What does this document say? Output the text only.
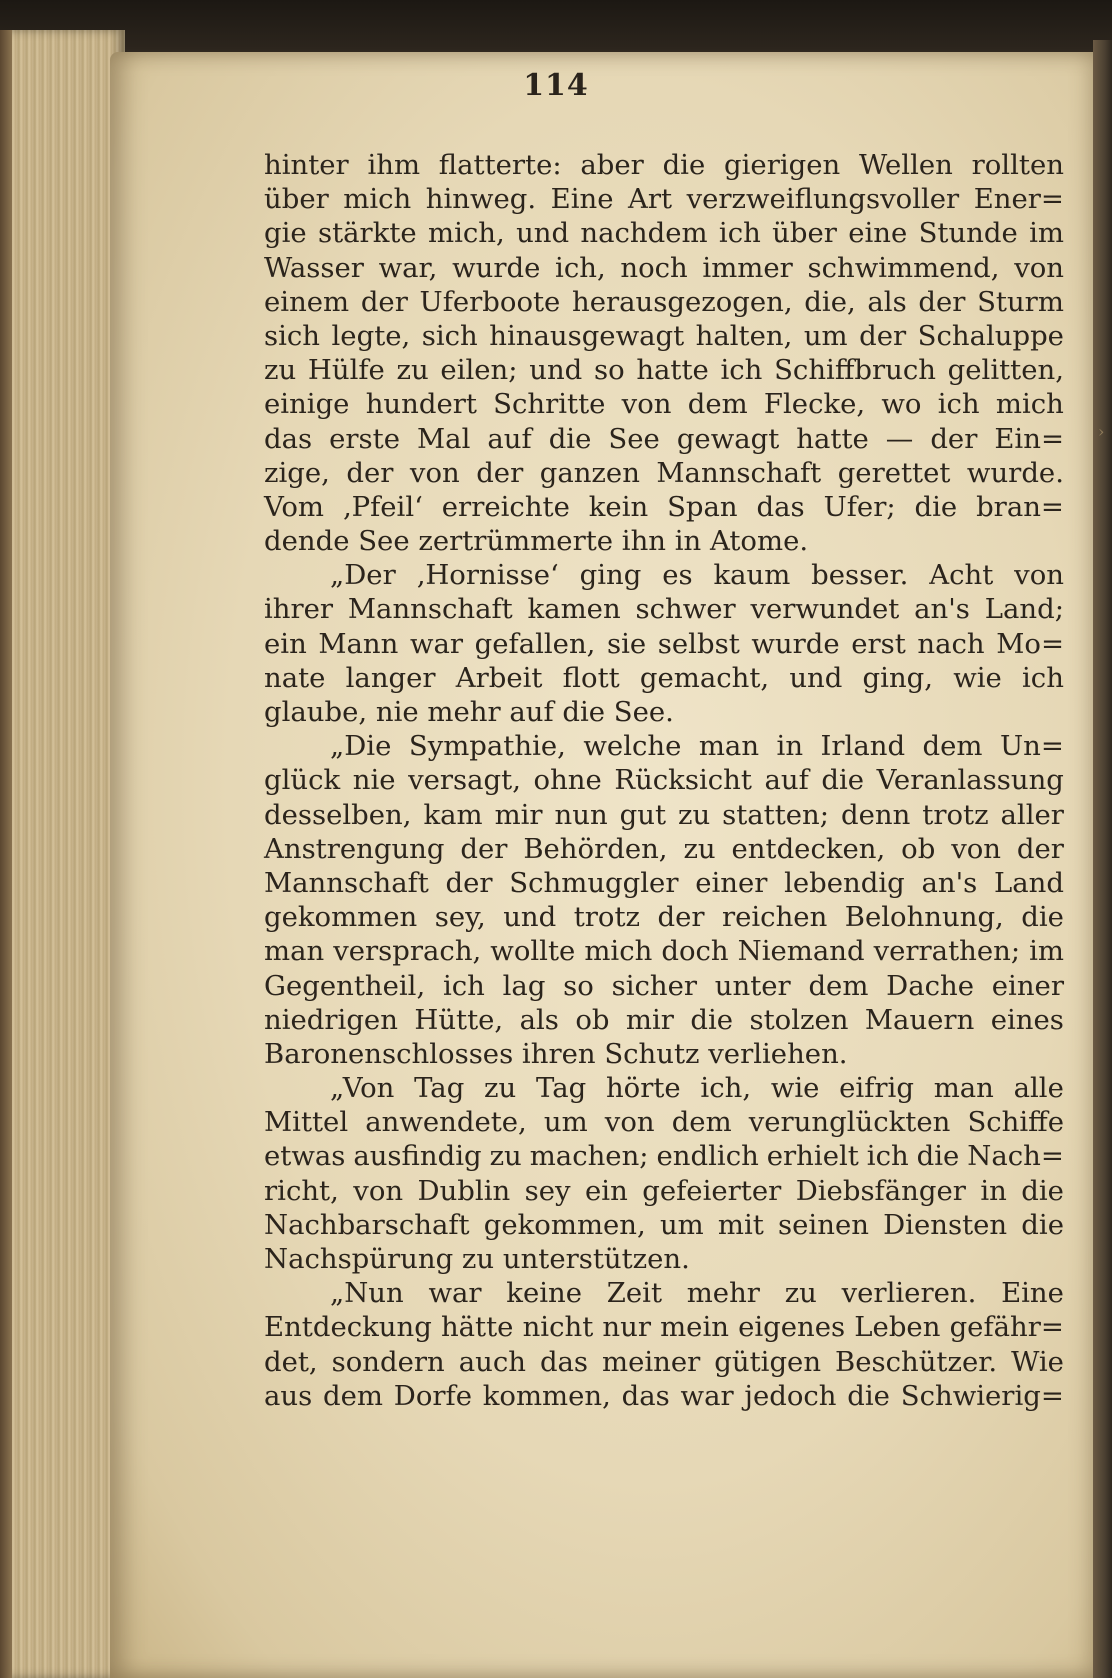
›
114
hinter ihm flatterte: aber die gierigen Wellen rollten
über mich hinweg. Eine Art verzweiflungsvoller Ener=
gie stärkte mich, und nachdem ich über eine Stunde im
Wasser war, wurde ich, noch immer schwimmend, von
einem der Uferboote herausgezogen, die, als der Sturm
sich legte, sich hinausgewagt halten, um der Schaluppe
zu Hülfe zu eilen; und so hatte ich Schiffbruch gelitten,
einige hundert Schritte von dem Flecke, wo ich mich
das erste Mal auf die See gewagt hatte — der Ein=
zige, der von der ganzen Mannschaft gerettet wurde.
Vom ‚Pfeil‘ erreichte kein Span das Ufer; die bran=
dende See zertrümmerte ihn in Atome.
„Der ‚Hornisse‘ ging es kaum besser. Acht von
ihrer Mannschaft kamen schwer verwundet an's Land;
ein Mann war gefallen, sie selbst wurde erst nach Mo=
nate langer Arbeit flott gemacht, und ging, wie ich
glaube, nie mehr auf die See.
„Die Sympathie, welche man in Irland dem Un=
glück nie versagt, ohne Rücksicht auf die Veranlassung
desselben, kam mir nun gut zu statten; denn trotz aller
Anstrengung der Behörden, zu entdecken, ob von der
Mannschaft der Schmuggler einer lebendig an's Land
gekommen sey, und trotz der reichen Belohnung, die
man versprach, wollte mich doch Niemand verrathen; im
Gegentheil, ich lag so sicher unter dem Dache einer
niedrigen Hütte, als ob mir die stolzen Mauern eines
Baronenschlosses ihren Schutz verliehen.
„Von Tag zu Tag hörte ich, wie eifrig man alle
Mittel anwendete, um von dem verunglückten Schiffe
etwas ausfindig zu machen; endlich erhielt ich die Nach=
richt, von Dublin sey ein gefeierter Diebsfänger in die
Nachbarschaft gekommen, um mit seinen Diensten die
Nachspürung zu unterstützen.
„Nun war keine Zeit mehr zu verlieren. Eine
Entdeckung hätte nicht nur mein eigenes Leben gefähr=
det, sondern auch das meiner gütigen Beschützer. Wie
aus dem Dorfe kommen, das war jedoch die Schwierig=
